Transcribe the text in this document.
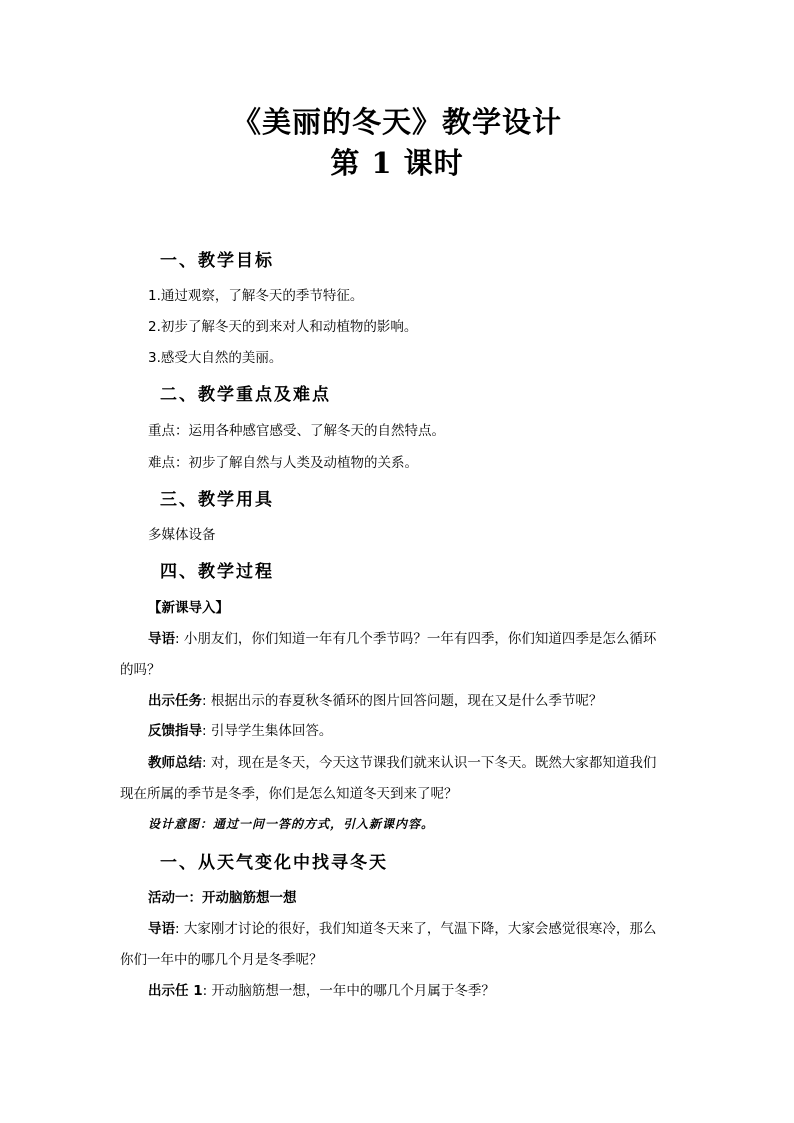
《美丽的冬天》教学设计
第 1 课时
一、教学目标
1.通过观察，了解冬天的季节特征。
2.初步了解冬天的到来对人和动植物的影响。
3.感受大自然的美丽。
二、教学重点及难点
重点：运用各种感官感受、了解冬天的自然特点。
难点：初步了解自然与人类及动植物的关系。
三、教学用具
多媒体设备
四、教学过程
【新课导入】
导语: 小朋友们，你们知道一年有几个季节吗？一年有四季，你们知道四季是怎么循环
的吗？
出示任务: 根据出示的春夏秋冬循环的图片回答问题，现在又是什么季节呢？
反馈指导: 引导学生集体回答。
教师总结: 对，现在是冬天，今天这节课我们就来认识一下冬天。既然大家都知道我们
现在所属的季节是冬季，你们是怎么知道冬天到来了呢？
设计意图：通过一问一答的方式，引入新课内容。
一、从天气变化中找寻冬天
活动一：开动脑筋想一想
导语: 大家刚才讨论的很好，我们知道冬天来了，气温下降，大家会感觉很寒冷，那么
你们一年中的哪几个月是冬季呢？
出示任 1: 开动脑筋想一想，一年中的哪几个月属于冬季？
